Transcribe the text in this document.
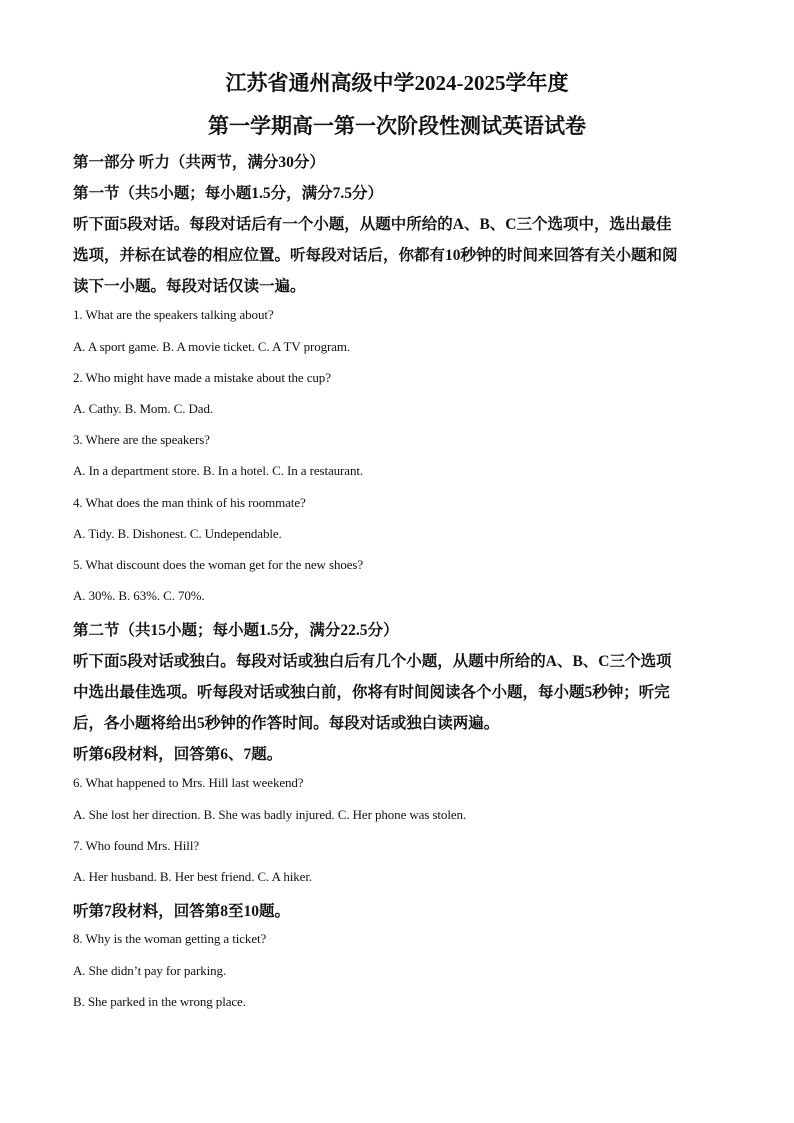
江苏省通州高级中学2024-2025学年度
第一学期高一第一次阶段性测试英语试卷
第一部分 听力（共两节，满分30分）
第一节（共5小题；每小题1.5分，满分7.5分）
听下面5段对话。每段对话后有一个小题，从题中所给的A、B、C三个选项中，选出最佳
选项，并标在试卷的相应位置。听每段对话后，你都有10秒钟的时间来回答有关小题和阅
读下一小题。每段对话仅读一遍。
1. What are the speakers talking about?
A. A sport game. B. A movie ticket. C. A TV program.
2. Who might have made a mistake about the cup?
A. Cathy. B. Mom. C. Dad.
3. Where are the speakers?
A. In a department store. B. In a hotel. C. In a restaurant.
4. What does the man think of his roommate?
A. Tidy. B. Dishonest. C. Undependable.
5. What discount does the woman get for the new shoes?
A. 30%. B. 63%. C. 70%.
第二节（共15小题；每小题1.5分，满分22.5分）
听下面5段对话或独白。每段对话或独白后有几个小题，从题中所给的A、B、C三个选项
中选出最佳选项。听每段对话或独白前，你将有时间阅读各个小题，每小题5秒钟；听完
后，各小题将给出5秒钟的作答时间。每段对话或独白读两遍。
听第6段材料，回答第6、7题。
6. What happened to Mrs. Hill last weekend?
A. She lost her direction. B. She was badly injured. C. Her phone was stolen.
7. Who found Mrs. Hill?
A. Her husband. B. Her best friend. C. A hiker.
听第7段材料，回答第8至10题。
8. Why is the woman getting a ticket?
A. She didn’t pay for parking.
B. She parked in the wrong place.
